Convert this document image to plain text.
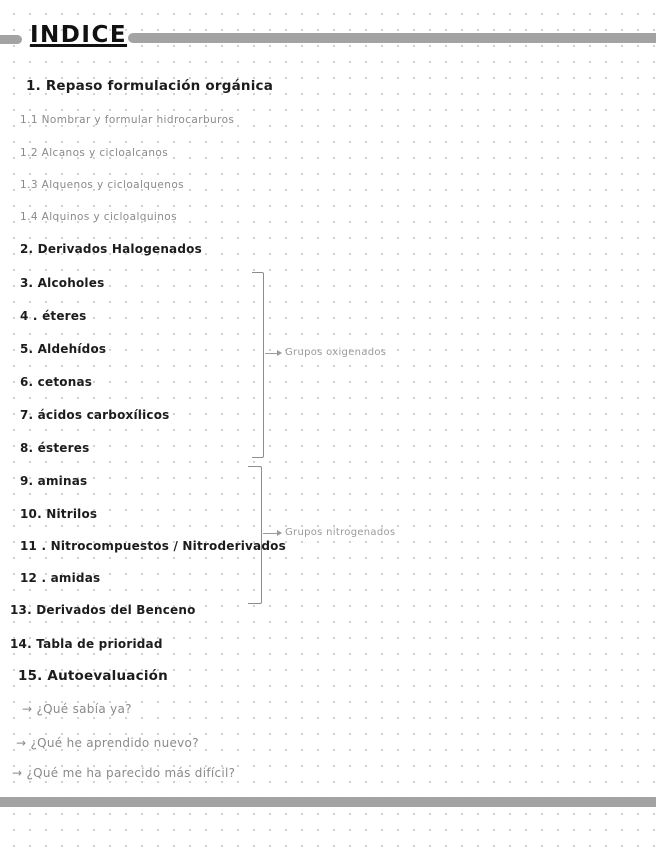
INDICE
1. Repaso formulación orgánica
1.1 Nombrar y formular hidrocarburos
1.2 Alcanos y cicloalcanos
1.3 Alquenos y cicloalquenos
1.4 Alquinos y cicloalquinos
2. Derivados Halogenados
3. Alcoholes
4 . éteres
5. Aldehídos
6. cetonas
7. ácidos carboxílicos
8. ésteres
Grupos oxigenados
9. aminas
10. Nitrilos
11 . Nitrocompuestos / Nitroderivados
12 . amidas
Grupos nitrogenados
13. Derivados del Benceno
14. Tabla de prioridad
15. Autoevaluación
→ ¿Qué sabía ya?
→ ¿Qué he aprendido nuevo?
→ ¿Qué me ha parecido más difícil?
